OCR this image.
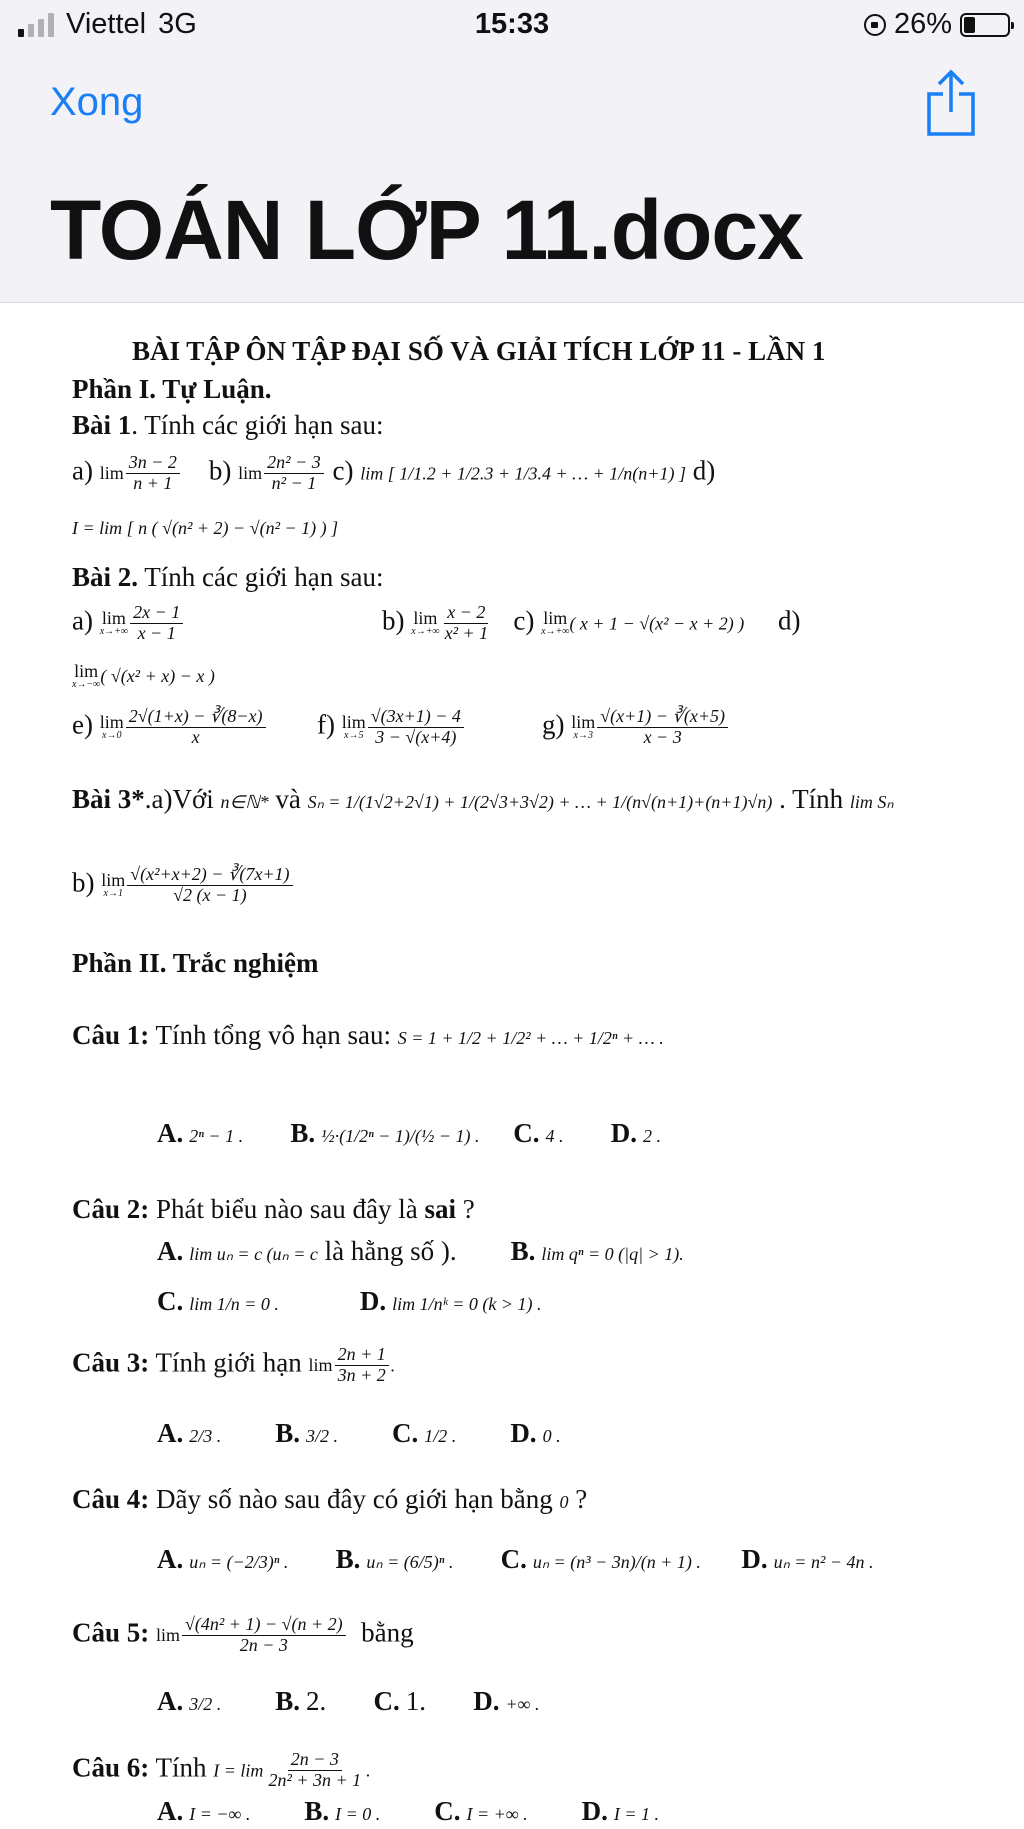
Viettel 3G	15:33	26%
Xong
TOÁN LỚP 11.docx
BÀI TẬP ÔN TẬP ĐẠI SỐ VÀ GIẢI TÍCH LỚP 11 - LẦN 1
Phần I. Tự Luận.
Bài 1. Tính các giới hạn sau:
a) $\lim \frac{3n - 2}{n + 1} b$) $\lim \frac{\text{2n² − 3}}{\text{n² − 1}} c$) lim [ 1/1.2 + 1/2.3 + 1/3.4 + … + 1/n(n+1) ] d)
I = lim [ n ( √(n² + 2) − √(n² − 1) ) ]
Bài 2. Tính các giới hạn sau:
a) lim
$x\to+\infty \frac{2x - 1}{x - 1}$	b) lim
$x\to+\infty \frac{x - 2}{\text{x² + 1}} c$) lim
x→+∞ ( x + 1 − √(x² − x + 2) ) d)
lim
x→−∞ ( √(x² + x) − x )
e) lim
$x\to 0 \frac{2√(1+x) - ∛(8-x)}{x} f$) lim
$x\to 5 \frac{√(3x+1) - 4}{3 - √(x+4)}$	g) lim
$x\to 3 \frac{√(x+1) - ∛(x+5)}{x - 3}$
Bài 3*.a)Với n∈ℕ* và Sₙ = 1/(1√2+2√1) + 1/(2√3+3√2) + … + 1/(n√(n+1)+(n+1)√n) . Tính lim Sₙ
b) lim
$x\to 1 \frac{\text{√(x²+x+2) − ∛(7x+1)}}{√2 (x - 1)}$
Phần II. Trắc nghiệm
Câu 1: Tính tổng vô hạn sau: S = 1 + 1/2 + 1/2² + … + 1/2ⁿ + … .
A. 2ⁿ − 1 . B. ½·(1/2ⁿ − 1)/(½ − 1) . C. 4 . D. 2 .
Câu 2: Phát biểu nào sau đây là sai ?
A. lim uₙ = c (uₙ = c là hằng số ). B. lim qⁿ = 0 (|q| > 1).
C. lim 1/n = 0 .	D. lim 1/nᵏ = 0 (k > 1) .
Câu 3: Tính giới hạn $\lim \frac{2n + 1}{3n + 2}$ .
A. 2/3 . B. 3/2 . C. 1/2 . D. 0 .
Câu 4: Dãy số nào sau đây có giới hạn bằng 0 ?
A. uₙ = (−2/3)ⁿ . B. uₙ = (6/5)ⁿ . C. uₙ = (n³ − 3n)/(n + 1) . D. uₙ = n² − 4n .
Câu 5: $\lim \frac{\text{√(4n² + 1) − √(n + 2)}}{2n - 3}$ bằng
A. 3/2 . B. 2. C. 1. D. +∞ .
Câu 6: Tính $I = \lim \frac{2n - 3}{\text{2n² + 3n + 1}}$ .
A. I = −∞ . B. I = 0 . C. I = +∞ . D. I = 1 .
